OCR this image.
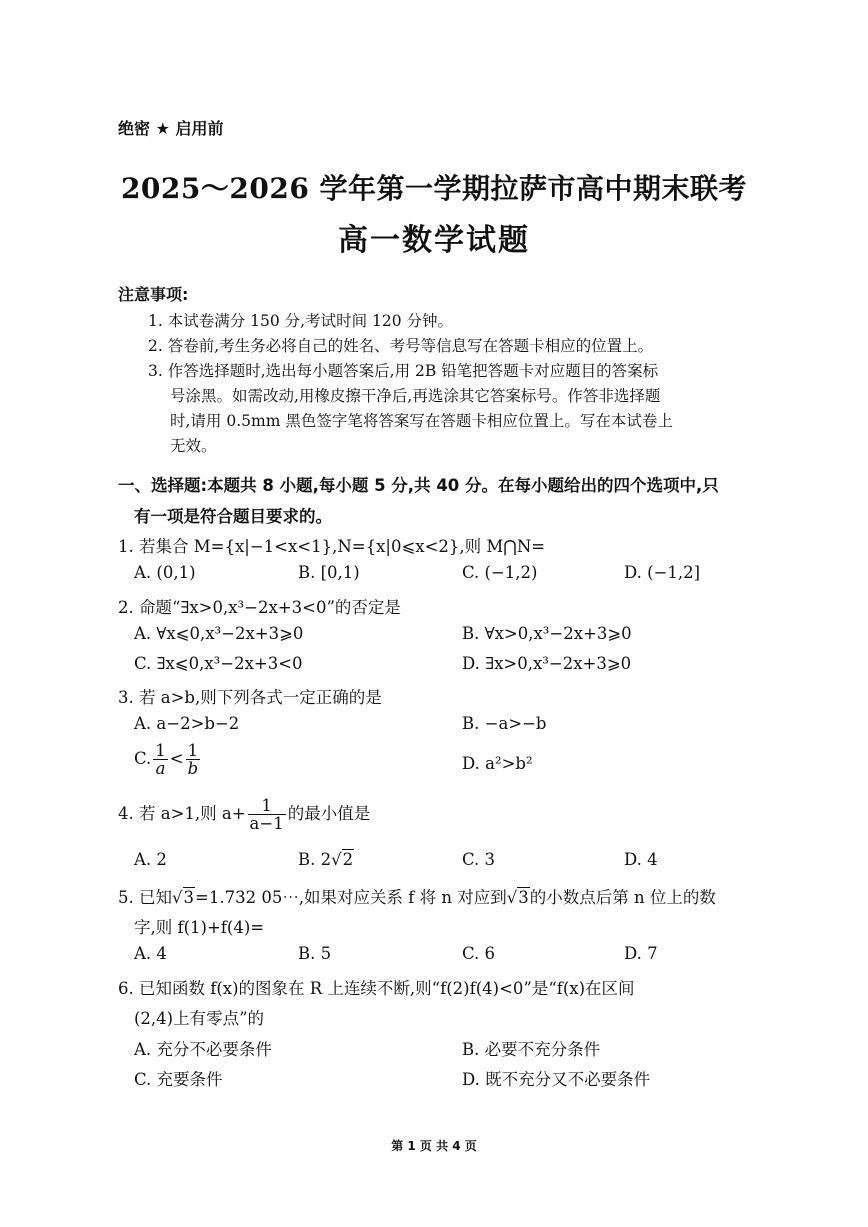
绝密 ★ 启用前
2025～2026 学年第一学期拉萨市高中期末联考
高一数学试题
注意事项:
1. 本试卷满分 150 分,考试时间 120 分钟。
2. 答卷前,考生务必将自己的姓名、考号等信息写在答题卡相应的位置上。
3. 作答选择题时,选出每小题答案后,用 2B 铅笔把答题卡对应题目的答案标
号涂黑。如需改动,用橡皮擦干净后,再选涂其它答案标号。作答非选择题
时,请用 0.5mm 黑色签字笔将答案写在答题卡相应位置上。写在本试卷上
无效。
一、选择题:本题共 8 小题,每小题 5 分,共 40 分。在每小题给出的四个选项中,只
有一项是符合题目要求的。
1. 若集合 M={x|−1<x<1},N={x|0⩽x<2},则 M⋂N=
A. (0,1)	B. [0,1)	C. (−1,2)	D. (−1,2]
2. 命题“∃x>0,x³−2x+3<0”的否定是
A. ∀x⩽0,x³−2x+3⩾0	B. ∀x>0,x³−2x+3⩾0
C. ∃x⩽0,x³−2x+3<0	D. ∃x>0,x³−2x+3⩾0
3. 若 a>b,则下列各式一定正确的是
A. a−2>b−2	B. −a>−b
C. $\frac{1}{a} < \frac{1}{b}$	D. a²>b²
4. 若 a>1,则 $a+ \frac{1}{a-1}$ 的最小值是
A. 2	B. 2√2	C. 3	D. 4
5. 已知√3=1.732 05⋯,如果对应关系 f 将 n 对应到√3的小数点后第 n 位上的数
字,则 f(1)+f(4)=
A. 4	B. 5	C. 6	D. 7
6. 已知函数 f(x)的图象在 R 上连续不断,则“f(2)f(4)<0”是“f(x)在区间
(2,4)上有零点”的
A. 充分不必要条件	B. 必要不充分条件
C. 充要条件	D. 既不充分又不必要条件
第 1 页 共 4 页
